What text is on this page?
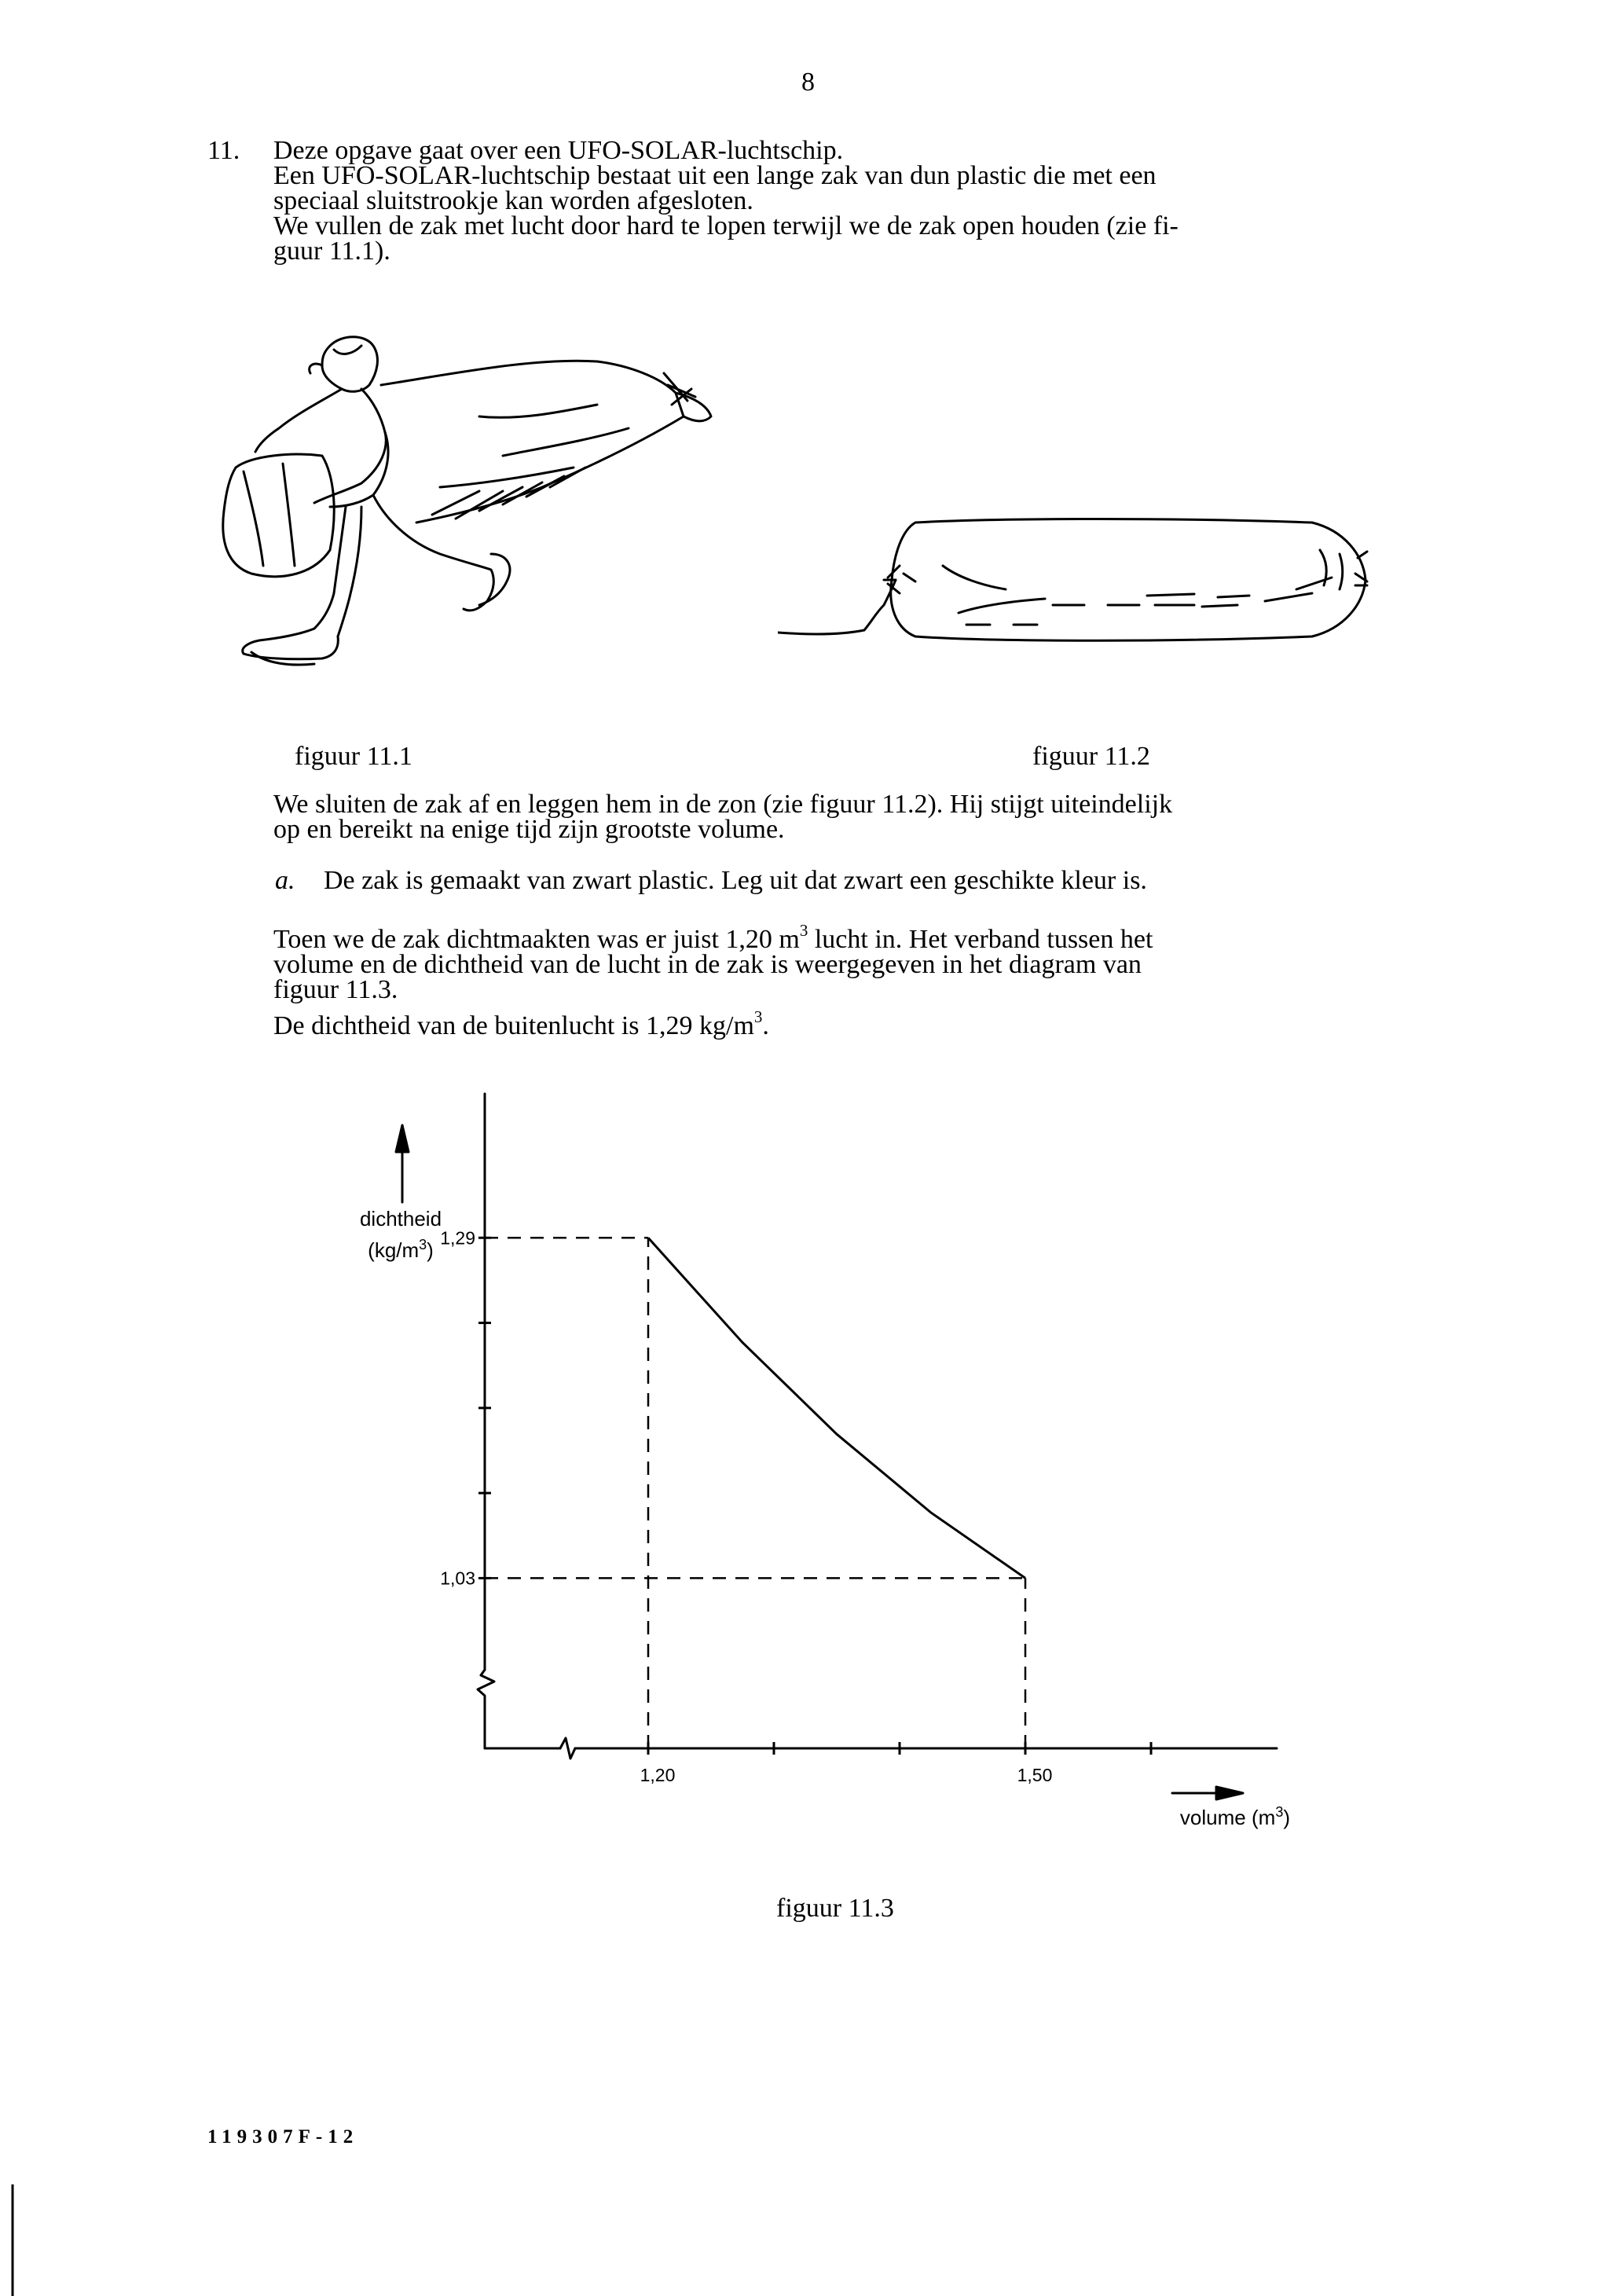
8
11. Deze opgave gaat over een UFO-SOLAR-luchtschip.
Een UFO-SOLAR-luchtschip bestaat uit een lange zak van dun plastic die met een
speciaal sluitstrookje kan worden afgesloten.
We vullen de zak met lucht door hard te lopen terwijl we de zak open houden (zie fi-
guur 11.1).
figuur 11.1	figuur 11.2
We sluiten de zak af en leggen hem in de zon (zie figuur 11.2). Hij stijgt uiteindelijk
op en bereikt na enige tijd zijn grootste volume.
a. De zak is gemaakt van zwart plastic. Leg uit dat zwart een geschikte kleur is.
Toen we de zak dichtmaakten was er juist 1,20 $m^3$ lucht in. Het verband tussen het
volume en de dichtheid van de lucht in de zak is weergegeven in het diagram van
figuur 11.3.
De dichtheid van de buitenlucht is 1,29 $kg/m^3$.
1,29
1,03
1,20	1,50
dichtheid
$(kg/m^3)$
volume $(m^3)$
figuur 11.3
119307F-12
